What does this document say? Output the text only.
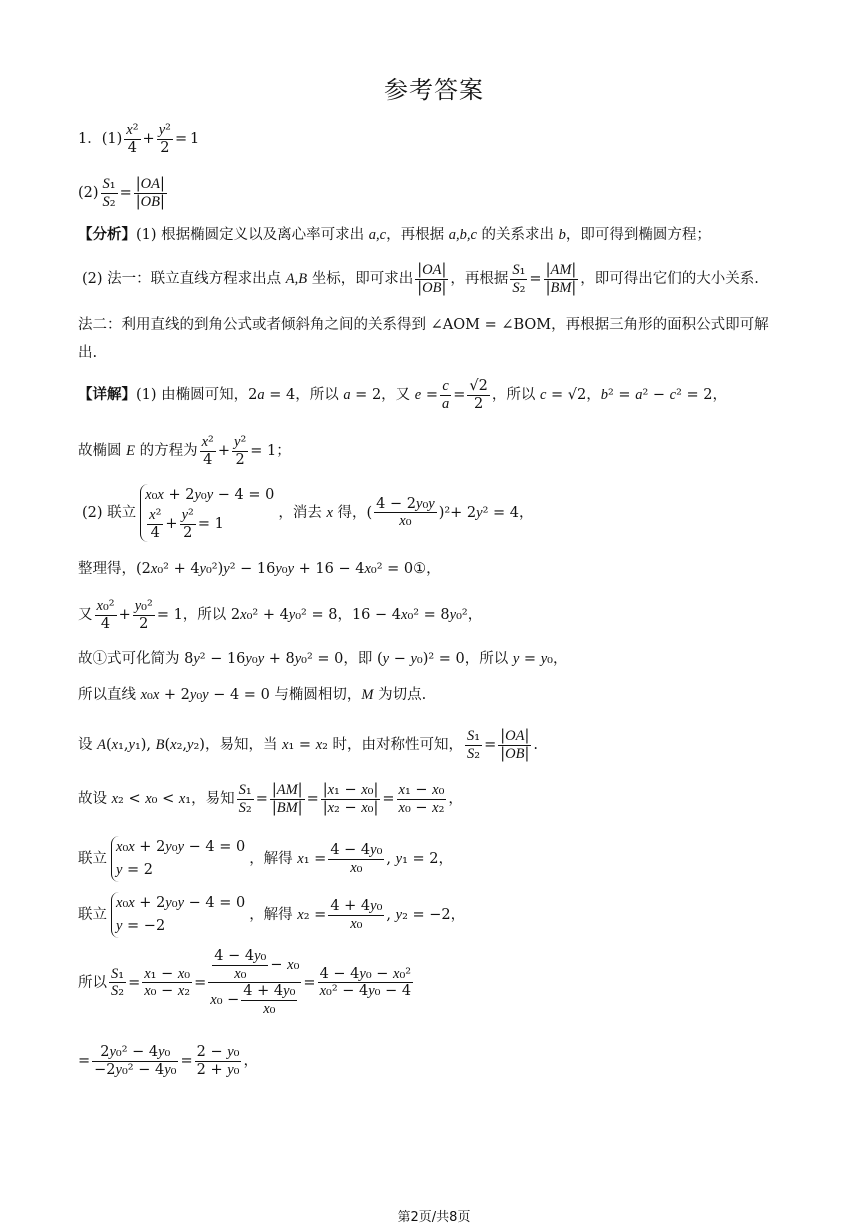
参考答案
1．$(1) \frac{\text{x²}}{4} + \frac{\text{y²}}{2} = 1$
$(2) \frac{\text{S₁}}{\text{S₂}} = \frac{|OA|}{|OB|}$
【分析】(1) 根据椭圆定义以及离心率可求出 a,c，再根据 a,b,c 的关系求出 b，即可得到椭圆方程；
(2) 法一：联立直线方程求出点 A,B 坐标，即可求出 $\frac{|OA|}{|OB|}$ ，再根据 $\frac{\text{S₁}}{\text{S₂}} = \frac{|AM|}{|BM|}$ ，即可得出它们的大小关系.
法二：利用直线的到角公式或者倾斜角之间的关系得到 ∠AOM = ∠BOM，再根据三角形的面积公式即可解
出.
【详解】(1) 由椭圆可知，2a = 4，所以 a = 2，又 $e = \frac{c}{a} = \frac{√2}{2}$ ，所以 c = √2，b² = a² − c² = 2，
故椭圆 E 的方程为 $\frac{\text{x²}}{4} + \frac{\text{y²}}{2} = 1$；
(2) 联立
x₀x + 2y₀y − 4 = 0
$\frac{\text{x²}}{4} + \frac{\text{y²}}{2} = 1$
，消去 x 得，( $\frac{\text{4 − 2y₀y}}{\text{x₀}} )^2+ 2y^2 = 4$，
整理得，(2x₀² + 4y₀²)y² − 16y₀y + 16 − 4x₀² = 0①，
又 $\frac{\text{x₀²}}{4} + \frac{\text{y₀²}}{2} = 1$，所以 2x₀² + 4y₀² = 8，16 − 4x₀² = 8y₀²，
故①式可化简为 8y² − 16y₀y + 8y₀² = 0，即 (y − y₀)² = 0，所以 y = y₀，
所以直线 x₀x + 2y₀y − 4 = 0 与椭圆相切，M 为切点.
设 A(x₁,y₁), B(x₂,y₂)，易知，当 x₁ = x₂ 时，由对称性可知， $\frac{\text{S₁}}{\text{S₂}} = \frac{|OA|}{|OB|}$ .
故设 x₂ < x₀ < x₁，易知 $\frac{\text{S₁}}{\text{S₂}} = \frac{|AM|}{|BM|} = \frac{\text{|x₁ − x₀|}}{\text{|x₂ − x₀|}} = \frac{\text{x₁ − x₀}}{\text{x₀ − x₂}}$ ，
联立
x₀x + 2y₀y − 4 = 0
y = 2
，解得 $x_1 = \frac{\text{4 − 4y₀}}{\text{x₀}}$ , y₁ = 2，
联立
x₀x + 2y₀y − 4 = 0
y = −2
，解得 $x_2 = \frac{\text{4 + 4y₀}}{\text{x₀}}$ , y₂ = −2，
所以 $\frac{\text{S₁}}{\text{S₂}} = \frac{\text{x₁ − x₀}}{\text{x₀ − x₂}} = \frac{\frac{\text{4 − 4y₀}}{\text{x₀}} - x_0}{x_0 - \frac{\text{4 + 4y₀}}{\text{x₀}}} = \frac{\text{4 − 4y₀ − x₀²}}{\text{x₀² − 4y₀ − 4}}$
= $\frac{\text{2y₀² − 4y₀}}{\text{−2y₀² − 4y₀}} = \frac{\text{2 − y₀}}{\text{2 + y₀}}$ ，
第2页/共8页
